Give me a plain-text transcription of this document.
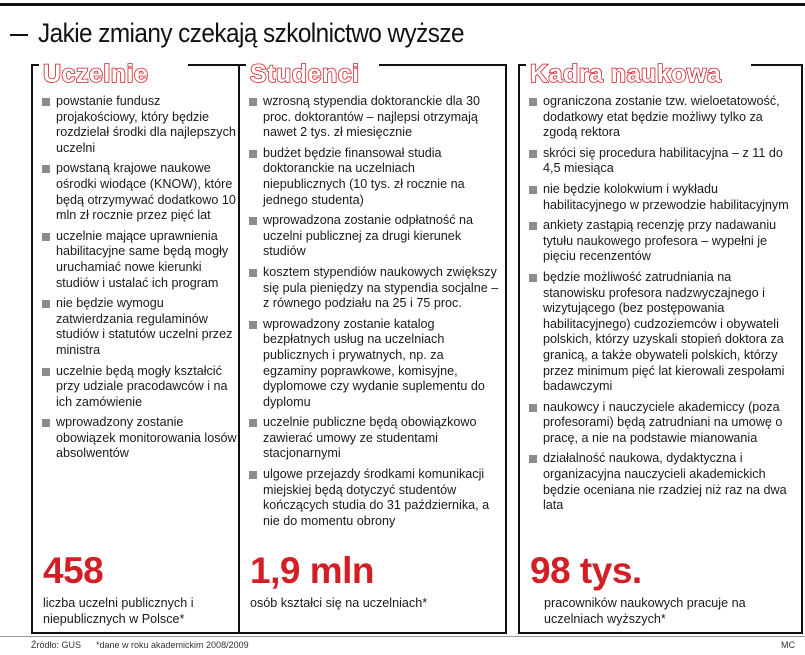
Jakie zmiany czekają szkolnictwo wyższe
Uczelnie
powstanie fundusz projakościowy, który będzie rozdzielał środki dla najlepszych uczelni
powstaną krajowe naukowe ośrodki wiodące (KNOW), które będą otrzymywać dodatkowo 10 mln zł rocznie przez pięć lat
uczelnie mające uprawnienia habilitacyjne same będą mogły uruchamiać nowe kierunki studiów i ustalać ich program
nie będzie wymogu zatwierdzania regulaminów studiów i statutów uczelni przez ministra
uczelnie będą mogły kształcić przy udziale pracodawców i na ich zamówienie
wprowadzony zostanie obowiązek monitorowania losów absolwentów
458
liczba uczelni publicznych i niepublicznych w Polsce*
Studenci
wzrosną stypendia doktoranckie dla 30 proc. doktorantów – najlepsi otrzymają nawet 2 tys. zł miesięcznie
budżet będzie finansował studia doktoranckie na uczelniach niepublicznych (10 tys. zł rocznie na jednego studenta)
wprowadzona zostanie odpłatność na uczelni publicznej za drugi kierunek studiów
kosztem stypendiów naukowych zwiększy się pula pieniędzy na stypendia socjalne – z równego podziału na 25 i 75 proc.
wprowadzony zostanie katalog bezpłatnych usług na uczelniach publicznych i prywatnych, np. za egzaminy poprawkowe, komisyjne, dyplomowe czy wydanie suplementu do dyplomu
uczelnie publiczne będą obowiązkowo zawierać umowy ze studentami stacjonarnymi
ulgowe przejazdy środkami komunikacji miejskiej będą dotyczyć studentów kończących studia do 31 października, a nie do momentu obrony
1,9 mln
osób kształci się na uczelniach*
Kadra naukowa
ograniczona zostanie tzw. wieloetatowość, dodatkowy etat będzie możliwy tylko za zgodą rektora
skróci się procedura habilitacyjna – z 11 do 4,5 miesiąca
nie będzie kolokwium i wykładu habilitacyjnego w przewodzie habilitacyjnym
ankiety zastąpią recenzję przy nadawaniu tytułu naukowego profesora – wypełni je pięciu recenzentów
będzie możliwość zatrudniania na stanowisku profesora nadzwyczajnego i wizytującego (bez postępowania habilitacyjnego) cudzoziemców i obywateli polskich, którzy uzyskali stopień doktora za granicą, a także obywateli polskich, którzy przez minimum pięć lat kierowali zespołami badawczymi
naukowcy i nauczyciele akademiccy (poza profesorami) będą zatrudniani na umowę o pracę, a nie na podstawie mianowania
działalność naukowa, dydaktyczna i organizacyjna nauczycieli akademickich będzie oceniana nie rzadziej niż raz na dwa lata
98 tys.
pracowników naukowych pracuje na uczelniach wyższych*
Źródło: GUS *dane w roku akademickim 2008/2009	MC
